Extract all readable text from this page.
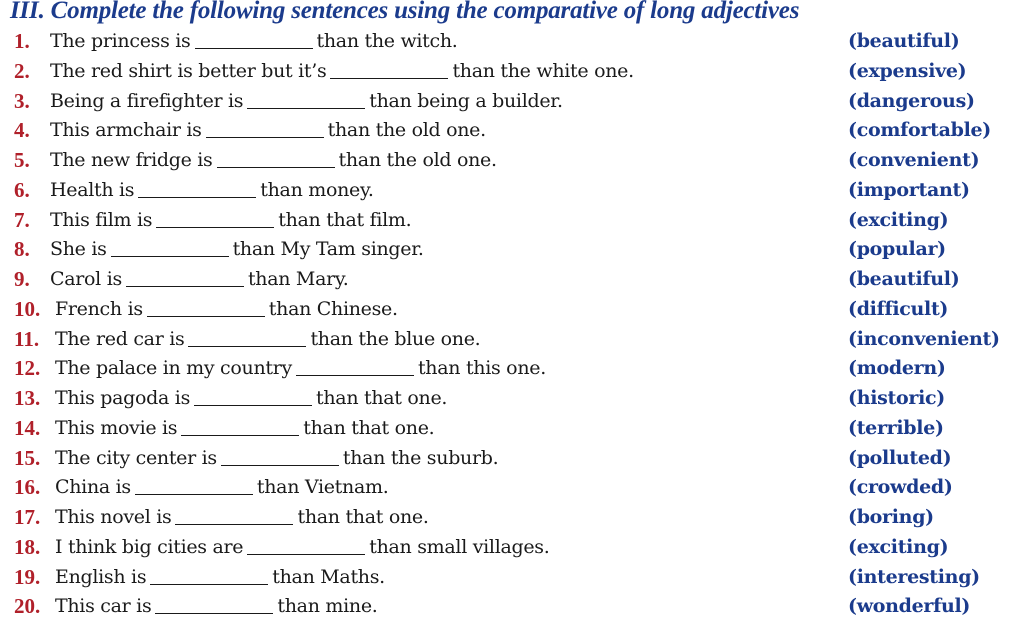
III. Complete the following sentences using the comparative of long adjectives
1. The princess is	than the witch.	(beautiful)
2. The red shirt is better but it’s	than the white one.	(expensive)
3. Being a firefighter is	than being a builder.	(dangerous)
4. This armchair is	than the old one.	(comfortable)
5. The new fridge is	than the old one.	(convenient)
6. Health is	than money.	(important)
7. This film is	than that film.	(exciting)
8. She is	than My Tam singer.	(popular)
9. Carol is	than Mary.	(beautiful)
10. French is	than Chinese.	(difficult)
11. The red car is	than the blue one.	(inconvenient)
12. The palace in my country	than this one.	(modern)
13. This pagoda is	than that one.	(historic)
14. This movie is	than that one.	(terrible)
15. The city center is	than the suburb.	(polluted)
16. China is	than Vietnam.	(crowded)
17. This novel is	than that one.	(boring)
18. I think big cities are	than small villages.	(exciting)
19. English is	than Maths.	(interesting)
20. This car is	than mine.	(wonderful)
